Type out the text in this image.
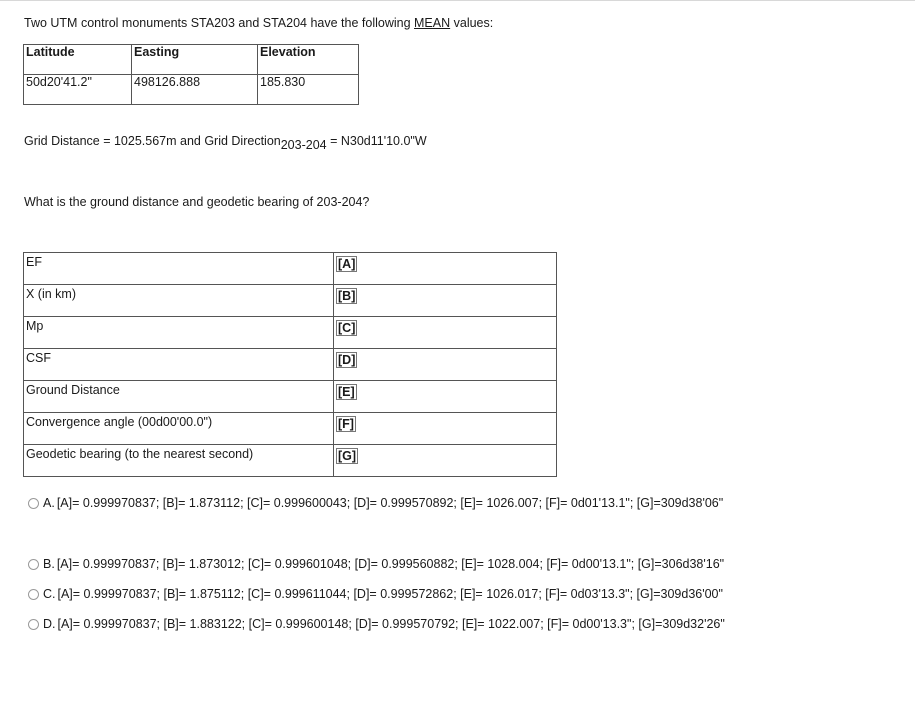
Two UTM control monuments STA203 and STA204 have the following MEAN values:
Latitude	Easting	Elevation
50d20'41.2"	498126.888	185.830
Grid Distance = 1025.567m and Grid Direction$_{203-204}$ = N30d11'10.0"W
What is the ground distance and geodetic bearing of 203-204?
EF	[A]
X (in km)	[B]
Mp	[C]
CSF	[D]
Ground Distance	[E]
Convergence angle (00d00'00.0")	[F]
Geodetic bearing (to the nearest second)	[G]
A. [A]= 0.999970837; [B]= 1.873112; [C]= 0.999600043; [D]= 0.999570892; [E]= 1026.007; [F]= 0d01'13.1"; [G]=309d38'06"
B. [A]= 0.999970837; [B]= 1.873012; [C]= 0.999601048; [D]= 0.999560882; [E]= 1028.004; [F]= 0d00'13.1"; [G]=306d38'16"
C. [A]= 0.999970837; [B]= 1.875112; [C]= 0.999611044; [D]= 0.999572862; [E]= 1026.017; [F]= 0d03'13.3"; [G]=309d36'00"
D. [A]= 0.999970837; [B]= 1.883122; [C]= 0.999600148; [D]= 0.999570792; [E]= 1022.007; [F]= 0d00'13.3"; [G]=309d32'26"
